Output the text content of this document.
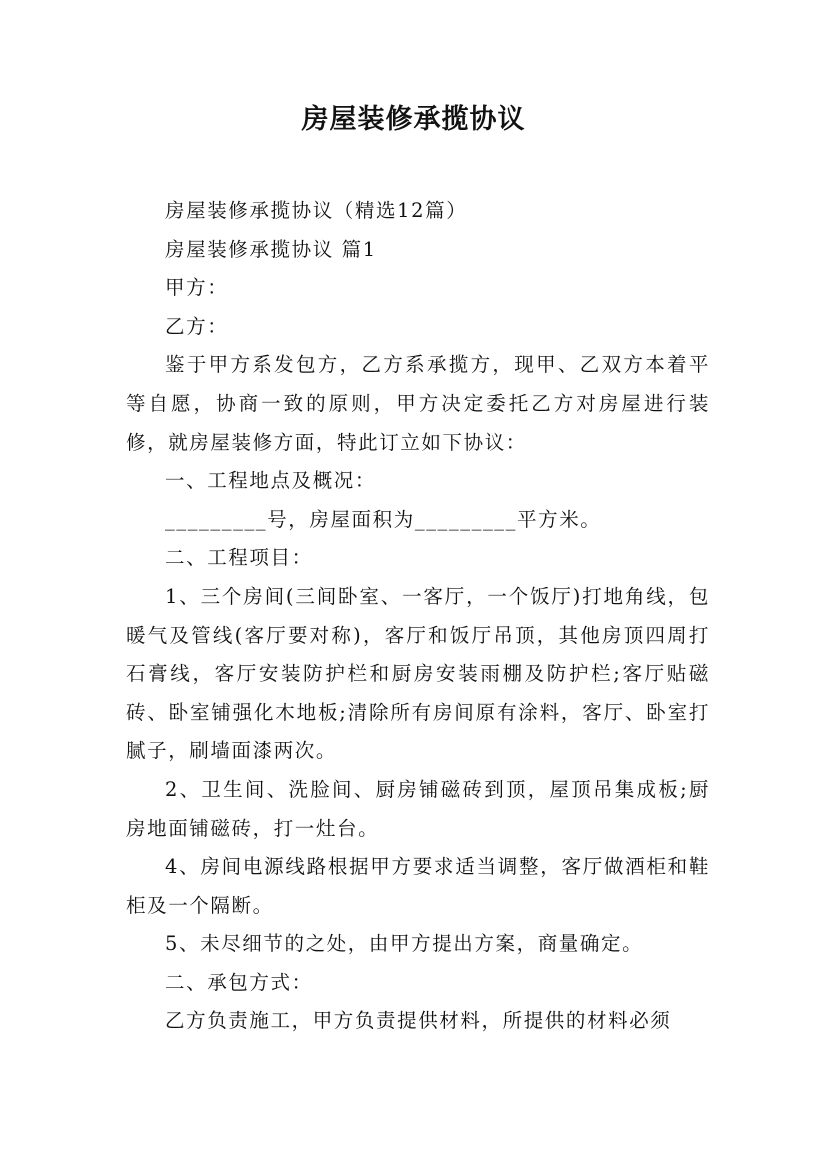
房屋装修承揽协议

房屋装修承揽协议（精选12篇）

房屋装修承揽协议 篇1

甲方：

乙方：

鉴于甲方系发包方，乙方系承揽方，现甲、乙双方本着平等自愿，协商一致的原则，甲方决定委托乙方对房屋进行装修，就房屋装修方面，特此订立如下协议：

一、工程地点及概况：

_________号，房屋面积为_________平方米。

二、工程项目：

1、三个房间(三间卧室、一客厅，一个饭厅)打地角线，包暖气及管线(客厅要对称)，客厅和饭厅吊顶，其他房顶四周打石膏线，客厅安装防护栏和厨房安装雨棚及防护栏;客厅贴磁砖、卧室铺强化木地板;清除所有房间原有涂料，客厅、卧室打腻子，刷墙面漆两次。

2、卫生间、洗脸间、厨房铺磁砖到顶，屋顶吊集成板;厨房地面铺磁砖，打一灶台。

4、房间电源线路根据甲方要求适当调整，客厅做酒柜和鞋柜及一个隔断。

5、未尽细节的之处，由甲方提出方案，商量确定。

二、承包方式：

乙方负责施工，甲方负责提供材料，所提供的材料必须
